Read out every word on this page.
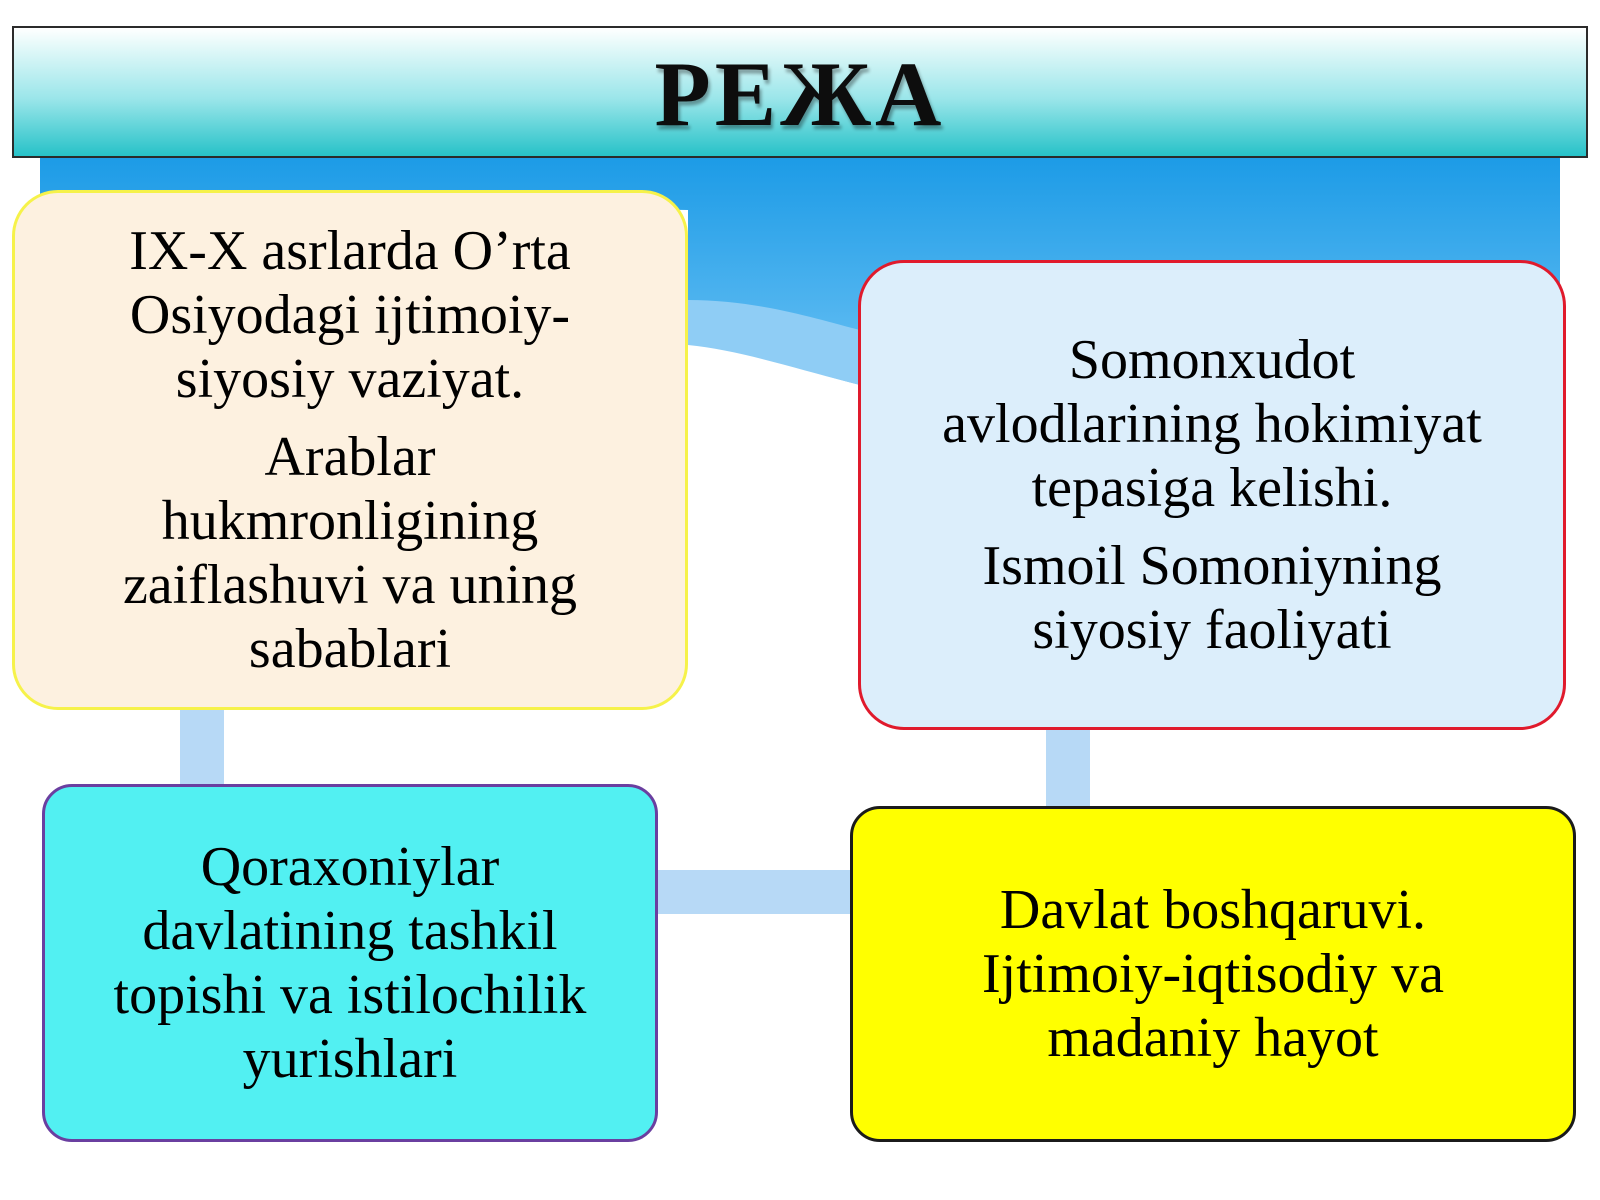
РЕЖА

IX-X asrlarda O’rta
Osiyodagi ijtimoiy-
siyosiy vaziyat.

Arablar
hukmronligining
zaiflashuvi va uning
sabablari

Somonxudot
avlodlarining hokimiyat
tepasiga kelishi.

Ismoil Somoniyning
siyosiy faoliyati

Qoraxoniylar
davlatining tashkil
topishi va istilochilik
yurishlari

Davlat boshqaruvi.
Ijtimoiy-iqtisodiy va
madaniy hayot
